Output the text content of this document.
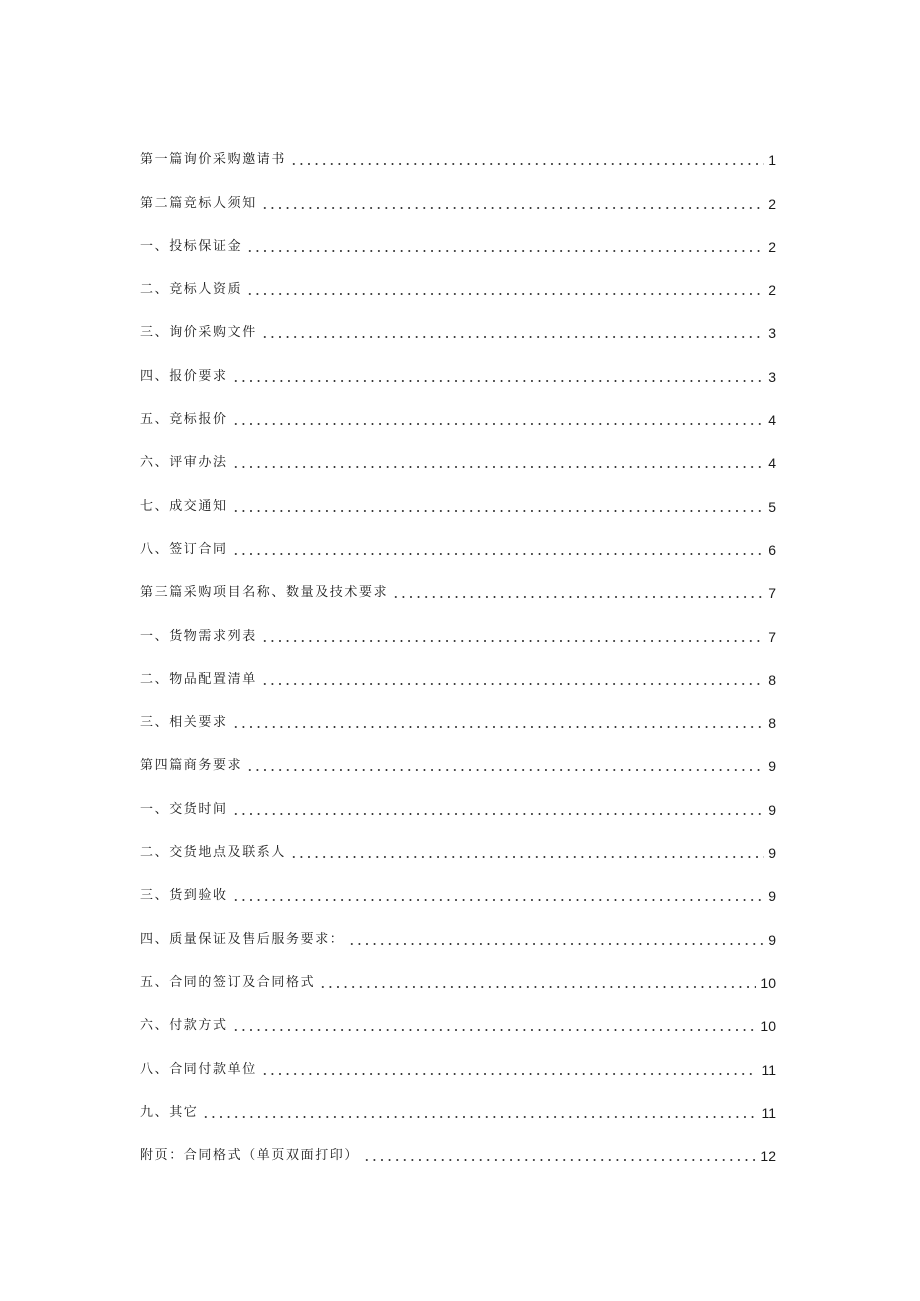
第一篇询价采购邀请书	1
第二篇竞标人须知	2
一、投标保证金	2
二、竞标人资质	2
三、询价采购文件	3
四、报价要求	3
五、竞标报价	4
六、评审办法	4
七、成交通知	5
八、签订合同	6
第三篇采购项目名称、数量及技术要求	7
一、货物需求列表	7
二、物品配置清单	8
三、相关要求	8
第四篇商务要求	9
一、交货时间	9
二、交货地点及联系人	9
三、货到验收	9
四、质量保证及售后服务要求：	9
五、合同的签订及合同格式	10
六、付款方式	10
八、合同付款单位	11
九、其它	11
附页：合同格式（单页双面打印）	12
